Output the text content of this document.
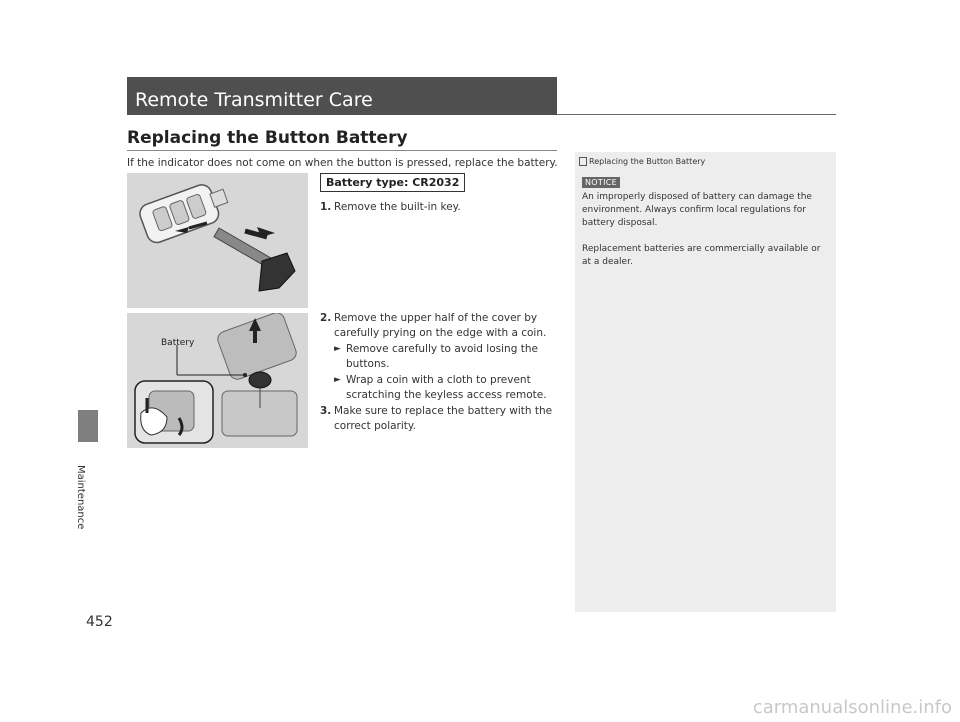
Maintenance
452
Remote Transmitter Care
Replacing the Button Battery
If the indicator does not come on when the button is pressed, replace the battery.
Battery
Battery type: CR2032
1. Remove the built-in key.
2. Remove the upper half of the cover by carefully prying on the edge with a coin.
► Remove carefully to avoid losing the buttons.
► Wrap a coin with a cloth to prevent scratching the keyless access remote.
3. Make sure to replace the battery with the correct polarity.
Replacing the Button Battery
NOTICE

An improperly disposed of battery can damage the environment. Always confirm local regulations for battery disposal.

Replacement batteries are commercially available or at a dealer.

carmanualsonline.info
